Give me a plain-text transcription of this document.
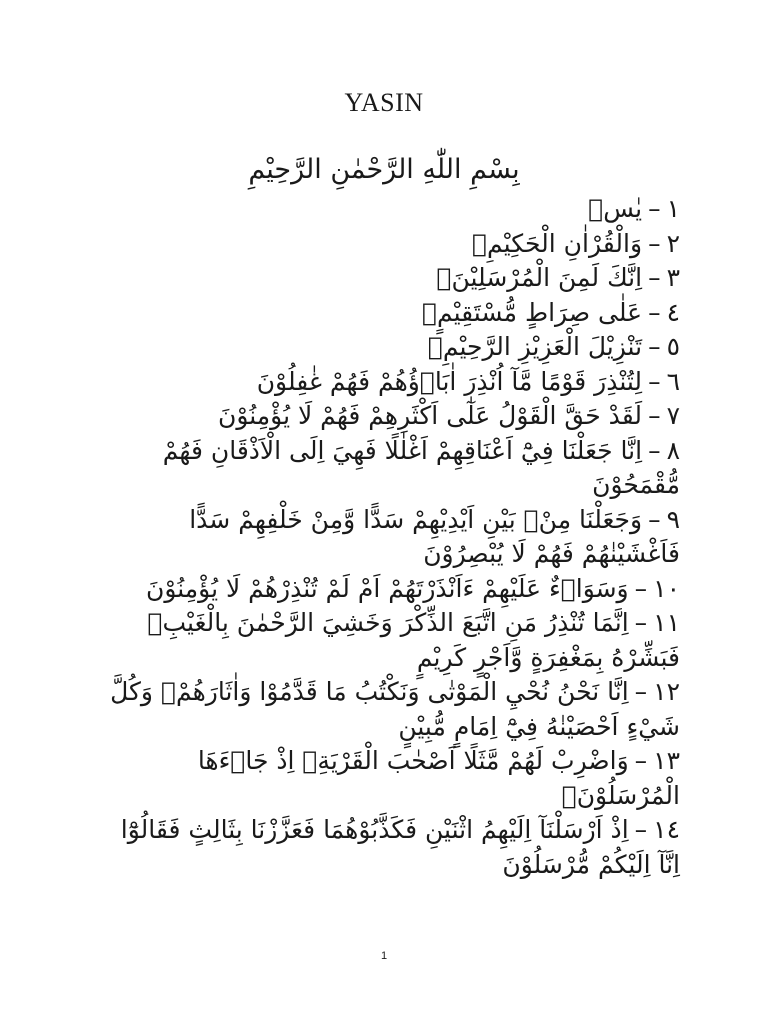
YASIN
بِسْمِ اللّٰهِ الرَّحْمٰنِ الرَّحِيْمِ

١–يٰسۤ

٢–وَالْقُرْاٰنِ الْحَكِيْمِۙ

٣–اِنَّكَ لَمِنَ الْمُرْسَلِيْنَۙ

٤–عَلٰى صِرَاطٍ مُّسْتَقِيْمٍۗ

٥–تَنْزِيْلَ الْعَزِيْزِ الرَّحِيْمِۙ

٦–لِتُنْذِرَ قَوْمًا مَّآ اُنْذِرَ اٰبَاۤؤُهُمْ فَهُمْ غٰفِلُوْنَ

٧–لَقَدْ حَقَّ الْقَوْلُ عَلٰٓى اَكْثَرِهِمْ فَهُمْ لَا يُؤْمِنُوْنَ

٨–اِنَّا جَعَلْنَا فِيْٓ اَعْنَاقِهِمْ اَغْلٰلًا فَهِيَ اِلَى الْاَذْقَانِ فَهُمْ مُّقْمَحُوْنَ

٩–وَجَعَلْنَا مِنْۢ بَيْنِ اَيْدِيْهِمْ سَدًّا وَّمِنْ خَلْفِهِمْ سَدًّا فَاَغْشَيْنٰهُمْ فَهُمْ لَا يُبْصِرُوْنَ

١٠–وَسَوَاۤءٌ عَلَيْهِمْ ءَاَنْذَرْتَهُمْ اَمْ لَمْ تُنْذِرْهُمْ لَا يُؤْمِنُوْنَ

١١–اِنَّمَا تُنْذِرُ مَنِ اتَّبَعَ الذِّكْرَ وَخَشِيَ الرَّحْمٰنَ بِالْغَيْبِۚ فَبَشِّرْهُ بِمَغْفِرَةٍ وَّاَجْرٍ كَرِيْمٍ

١٢–اِنَّا نَحْنُ نُحْيِ الْمَوْتٰى وَنَكْتُبُ مَا قَدَّمُوْا وَاٰثَارَهُمْۗ وَكُلَّ شَيْءٍ اَحْصَيْنٰهُ فِيْٓ اِمَامٍ مُّبِيْنٍ

١٣–وَاضْرِبْ لَهُمْ مَّثَلًا اَصْحٰبَ الْقَرْيَةِۘ اِذْ جَاۤءَهَا الْمُرْسَلُوْنَۚ

١٤–اِذْ اَرْسَلْنَآ اِلَيْهِمُ اثْنَيْنِ فَكَذَّبُوْهُمَا فَعَزَّزْنَا بِثَالِثٍ فَقَالُوْٓا اِنَّآ اِلَيْكُمْ مُّرْسَلُوْنَ

1
